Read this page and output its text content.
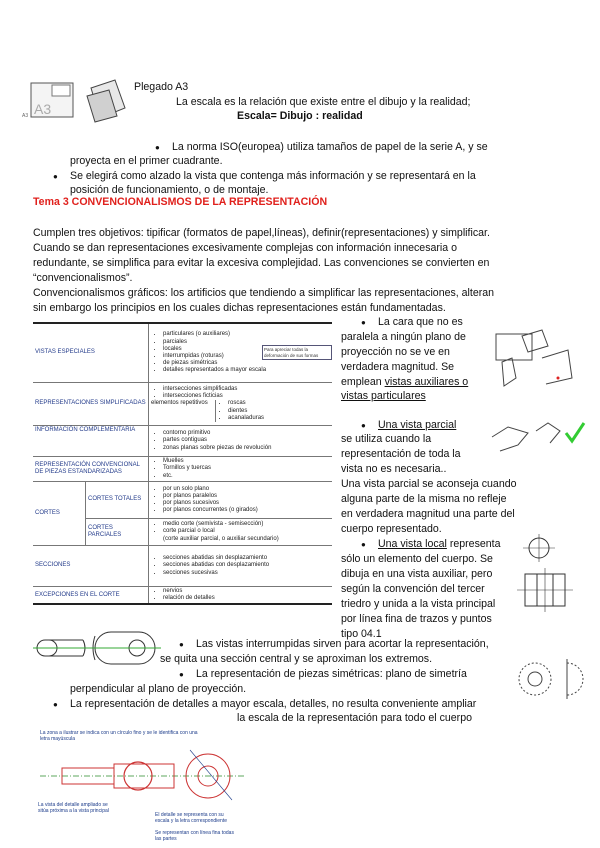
A3
A3
Plegado A3
La escala es la relación que existe entre el dibujo y la realidad;
Escala= Dibujo : realidad
● La norma ISO(europea) utiliza tamaños de papel de la serie A, y se
proyecta en el primer cuadrante.
● Se elegirá como alzado la vista que contenga más información y se representará en la
posición de funcionamiento, o de montaje.
Tema 3 CONVENCIONALISMOS DE LA REPRESENTACIÓN
Cumplen tres objetivos: tipificar (formatos de papel,líneas), definir(representaciones) y simplificar.
Cuando se dan representaciones excesivamente complejas con información innecesaria o
redundante, se simplifica para evitar la excesiva complejidad. Las convenciones se convierten en
“convencionalismos”.
Convencionalismos gráficos: los artificios que tendiendo a simplificar las representaciones, alteran
sin embargo los principios en los cuales dichas representaciones están fundamentadas.
VISTAS ESPECIALES	
• particulares (o auxiliares)
• parciales
• locales
• interrumpidas (roturas)
• de piezas simétricas
• detalles representados a mayor escala

REPRESENTACIONES SIMPLIFICADAS	
• intersecciones simplificadas
• intersecciones ficticias
elementos repetitivos
•	roscas
• dientes
• acanaladuras

INFORMACIÓN COMPLEMENTARIA	
• contorno primitivo
• partes contiguas
• zonas planas sobre piezas de revolución

REPRESENTACIÓN CONVENCIONAL DE PIEZAS ESTANDARIZADAS	
• Muelles
• Tornillos y tuercas
• etc.

CORTES	CORTES TOTALES	
• por un solo plano
• por planos paralelos
• por planos sucesivos
• por planos concurrentes (o girados)

CORTES PARCIALES	
• medio corte (semivista - semisección)
• corte parcial o local
(corte auxiliar parcial, o auxiliar secundario)

SECCIONES	
• secciones abatidas sin desplazamiento
• secciones abatidas con desplazamiento
• secciones sucesivas

EXCEPCIONES EN EL CORTE	
• nervios
• relación de detalles
Para apreciar todas la deformación de sus formas
● La cara que no es
paralela a ningún plano de
proyección no se ve en
verdadera magnitud. Se
emplean vistas auxiliares o
vistas particulares
● Una vista parcial
se utiliza cuando la
representación de toda la
vista no es necesaria..
Una vista parcial se aconseja cuando
alguna parte de la misma no refleje
en verdadera magnitud una parte del
cuerpo representado.
● Una vista local representa
sólo un elemento del cuerpo. Se
dibuja en una vista auxiliar, pero
según la convención del tercer
triedro y unida a la vista principal
por línea fina de trazos y puntos
tipo 04.1
● Las vistas interrumpidas sirven para acortar la representación,
se quita una sección central y se aproximan los extremos.
● La representación de piezas simétricas: plano de simetría
perpendicular al plano de proyección.
● La representación de detalles a mayor escala, detalles, no resulta conveniente ampliar
la escala de la representación para todo el cuerpo
La zona a ilustrar se indica con un círculo fino y se le identifica con una letra mayúscula
La vista del detalle ampliado se sitúa próxima a la vista principal
El detalle se representa con su escala y la letra correspondiente
Se representan con línea fina todas las partes
